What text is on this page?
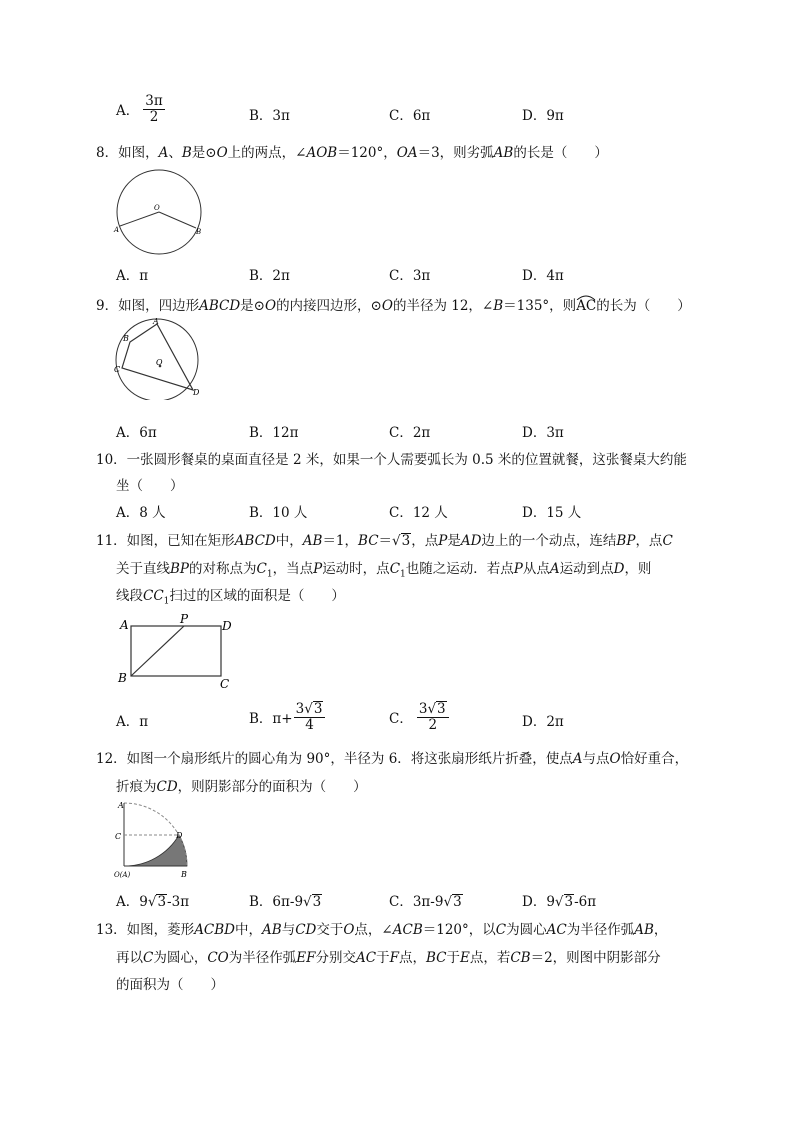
A． $\frac{3\pi}{2}$	B．3π	C．6π	D．9π
8．如图，A、B是⊙O上的两点，∠AOB＝120°，OA＝3，则劣弧AB的长是（　　）
O
A	B
A．π	B．2π	C．3π	D．4π
9．如图，四边形ABCD是⊙O的内接四边形，⊙O的半径为 12，∠B＝135°，则
AC的长为（　　）
O
A
B
C
D
A．6π	B．12π	C．2π	D．3π
10．一张圆形餐桌的桌面直径是 2 米，如果一个人需要弧长为 0.5 米的位置就餐，这张餐桌大约能
坐（　　）
A．8 人	B．10 人	C．12 人	D．15 人
11．如图，已知在矩形ABCD中，AB＝1，BC＝√3，点P是AD边上的一个动点，连结BP，点C
关于直线BP的对称点为$C_1$，当点P运动时，点$C_1$也随之运动．若点P从点A运动到点D，则
线段$CC_1$扫过的区域的面积是（　　）
A	P	D
B	C
A．π	B．$\pi+ \frac{3√3}{4}$	C． $\frac{3√3}{2}$	D．2π
12．如图一个扇形纸片的圆心角为 90°，半径为 6．将这张扇形纸片折叠，使点A与点O恰好重合，
折痕为CD，则阴影部分的面积为（　　）
A
C	D
O(A)	B
A．9√3-3π	B．6π-9√3	C．3π-9√3	D．9√3-6π
13．如图，菱形ACBD中，AB与CD交于O点，∠ACB＝120°，以C为圆心AC为半径作弧AB，
再以C为圆心，CO为半径作弧EF分别交AC于F点，BC于E点，若CB＝2，则图中阴影部分
的面积为（　　）
